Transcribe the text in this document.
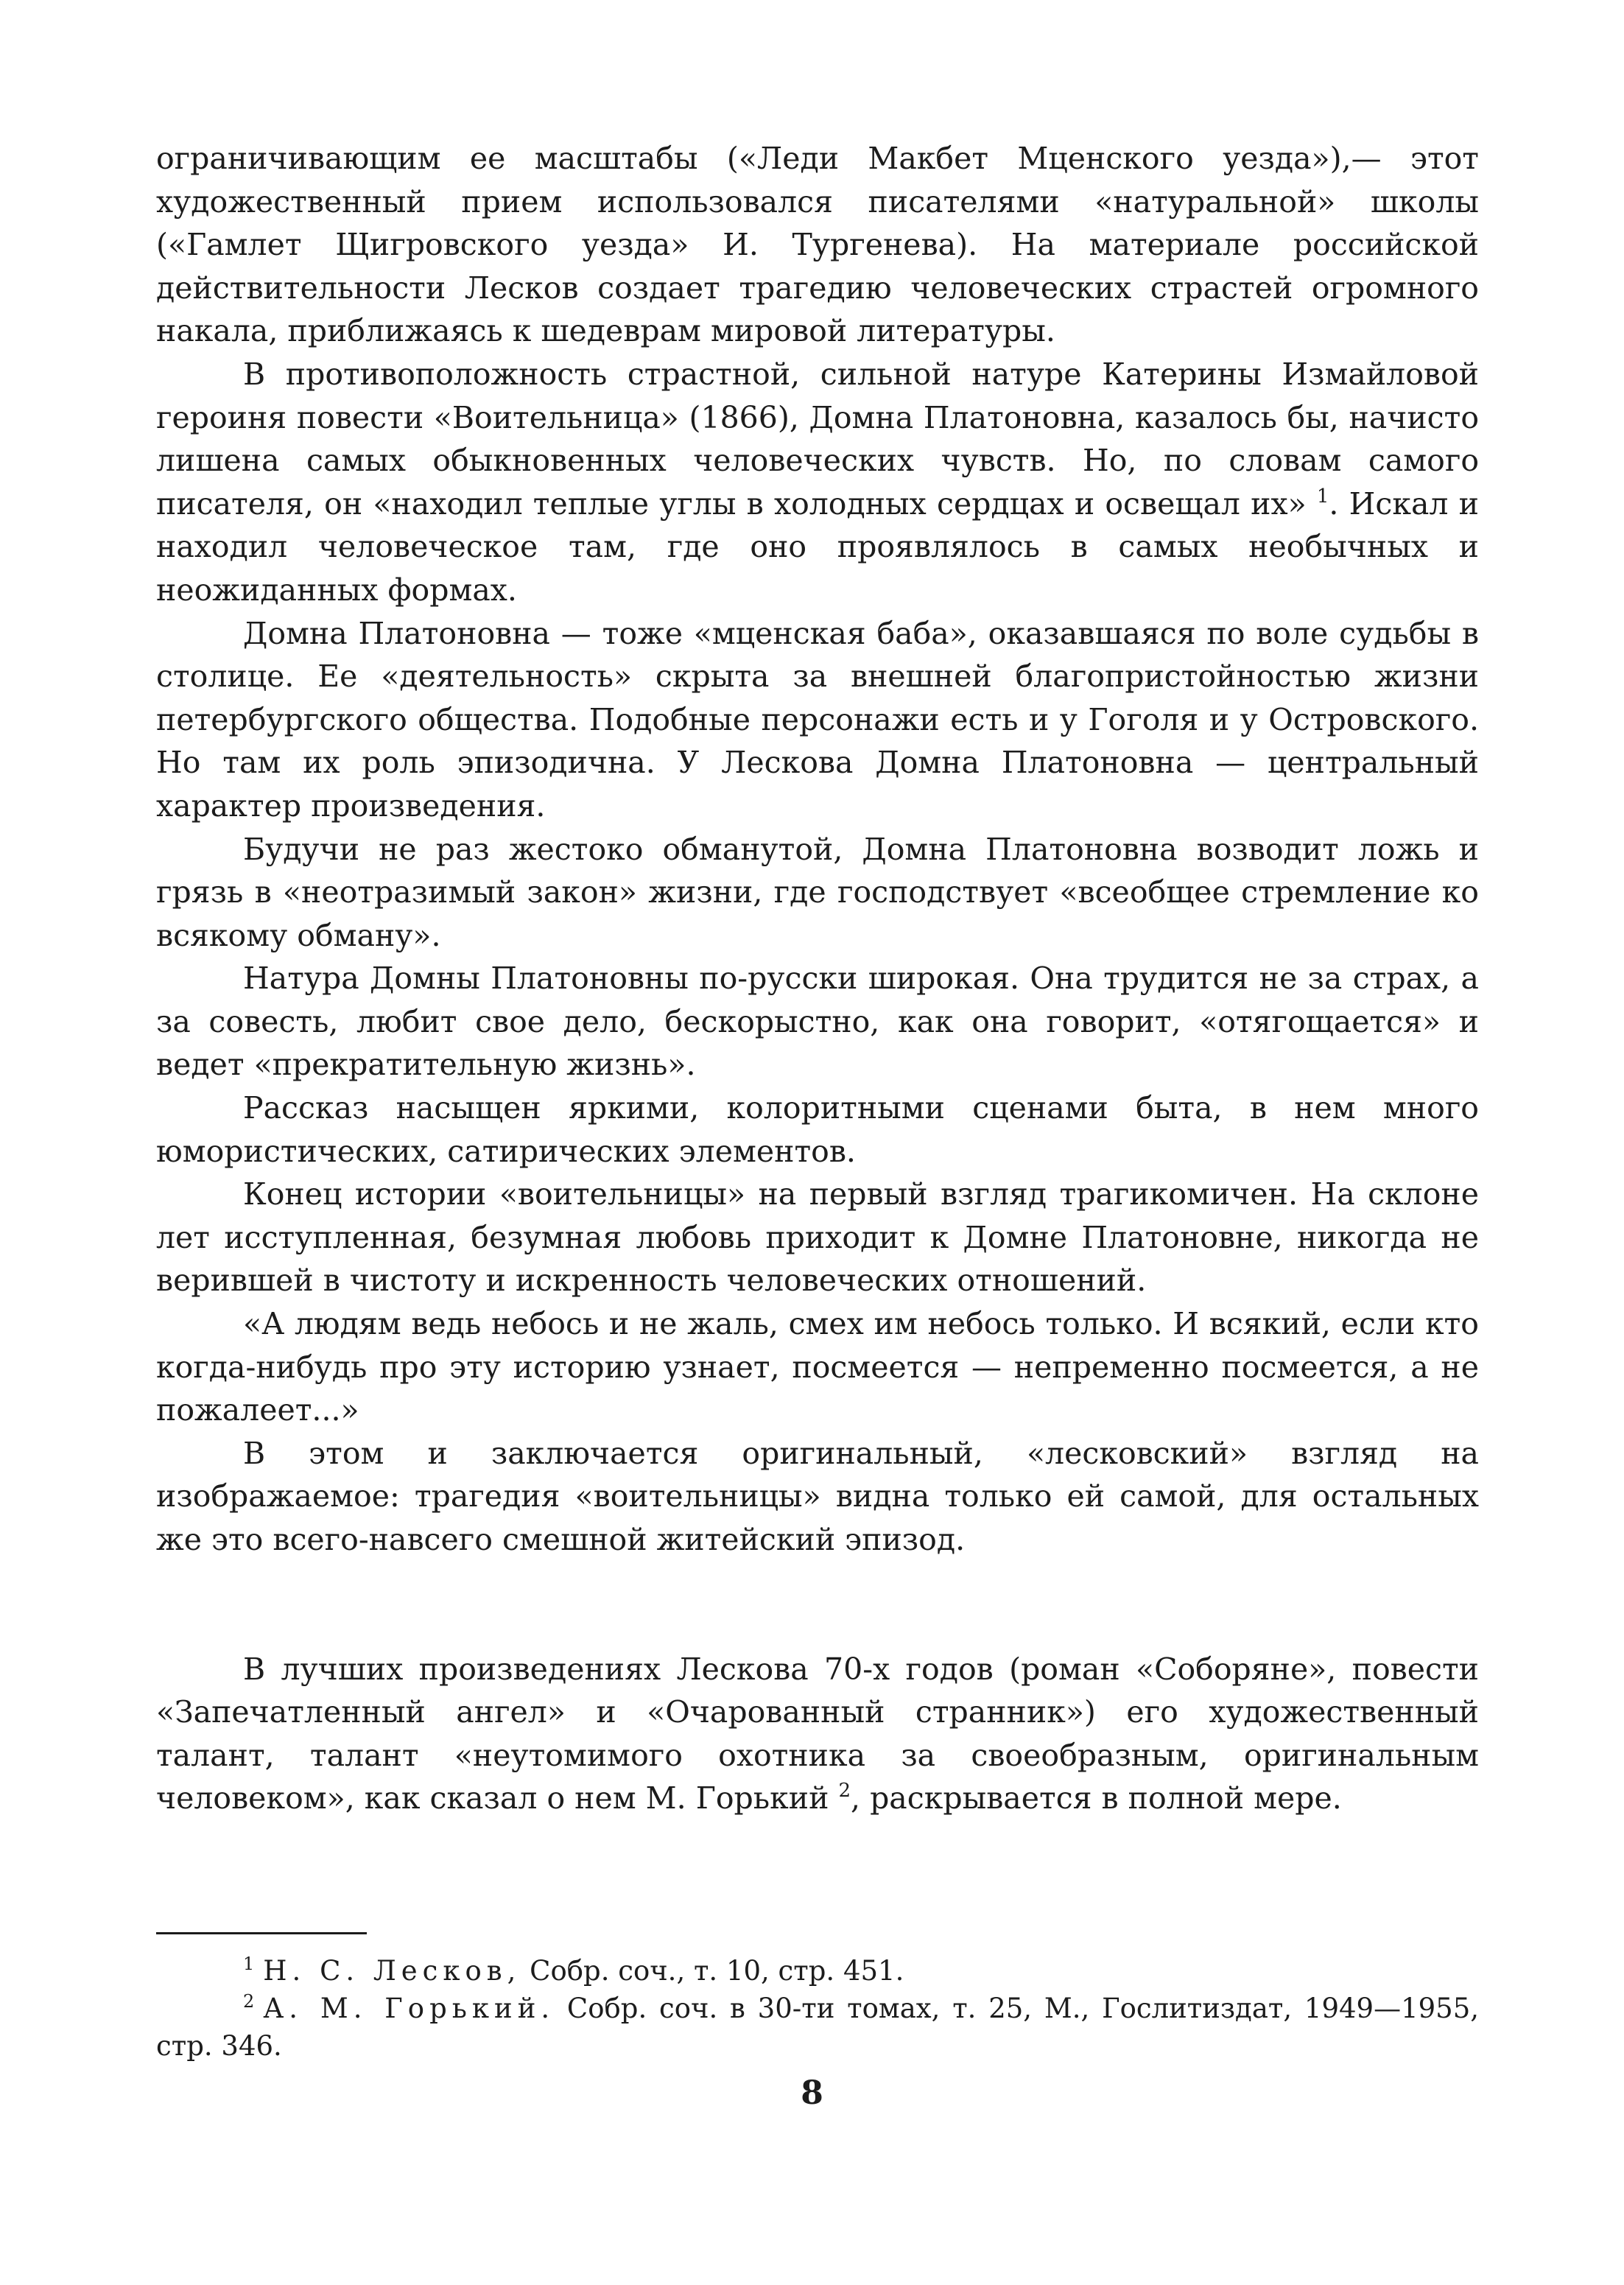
ограничивающим ее масштабы («Леди Макбет Мценского уезда»),— этот художественный прием использовался писателями «натуральной» школы («Гамлет Щигровского уезда» И. Тургенева). На материале российской действительности Лесков создает трагедию человеческих страстей огромного накала, приближаясь к шедеврам мировой литературы.

В противоположность страстной, сильной натуре Катерины Измайловой героиня повести «Воительница» (1866), Домна Платоновна, казалось бы, начисто лишена самых обыкновенных человеческих чувств. Но, по словам самого писателя, он «находил теплые углы в холодных сердцах и освещал их» $^1$. Искал и находил человеческое там, где оно проявлялось в самых необычных и неожиданных формах.

Домна Платоновна — тоже «мценская баба», оказавшаяся по воле судьбы в столице. Ее «деятельность» скрыта за внешней благопристойностью жизни петербургского общества. Подобные персонажи есть и у Гоголя и у Островского. Но там их роль эпизодична. У Лескова Домна Платоновна — центральный характер произведения.

Будучи не раз жестоко обманутой, Домна Платоновна возводит ложь и грязь в «неотразимый закон» жизни, где господствует «всеобщее стремление ко всякому обману».

Натура Домны Платоновны по-русски широкая. Она трудится не за страх, а за совесть, любит свое дело, бескорыстно, как она говорит, «отягощается» и ведет «прекратительную жизнь».

Рассказ насыщен яркими, колоритными сценами быта, в нем много юмористических, сатирических элементов.

Конец истории «воительницы» на первый взгляд трагикомичен. На склоне лет исступленная, безумная любовь приходит к Домне Платоновне, никогда не верившей в чистоту и искренность человеческих отношений.

«А людям ведь небось и не жаль, смех им небось только. И всякий, если кто когда-нибудь про эту историю узнает, посмеется — непременно посмеется, а не пожалеет...»

В этом и заключается оригинальный, «лесковский» взгляд на изображаемое: трагедия «воительницы» видна только ей самой, для остальных же это всего-навсего смешной житейский эпизод.

В лучших произведениях Лескова 70-х годов (роман «Соборяне», повести «Запечатленный ангел» и «Очарованный странник») его художественный талант, талант «неутомимого охотника за своеобразным, оригинальным человеком», как сказал о нем М. Горький $^2$, раскрывается в полной мере.

$^1$ Н. С. Лесков, Собр. соч., т. 10, стр. 451.

$^2$ А. М. Горький. Собр. соч. в 30-ти томах, т. 25, М., Гослитиздат, 1949—1955, стр. 346.

8
